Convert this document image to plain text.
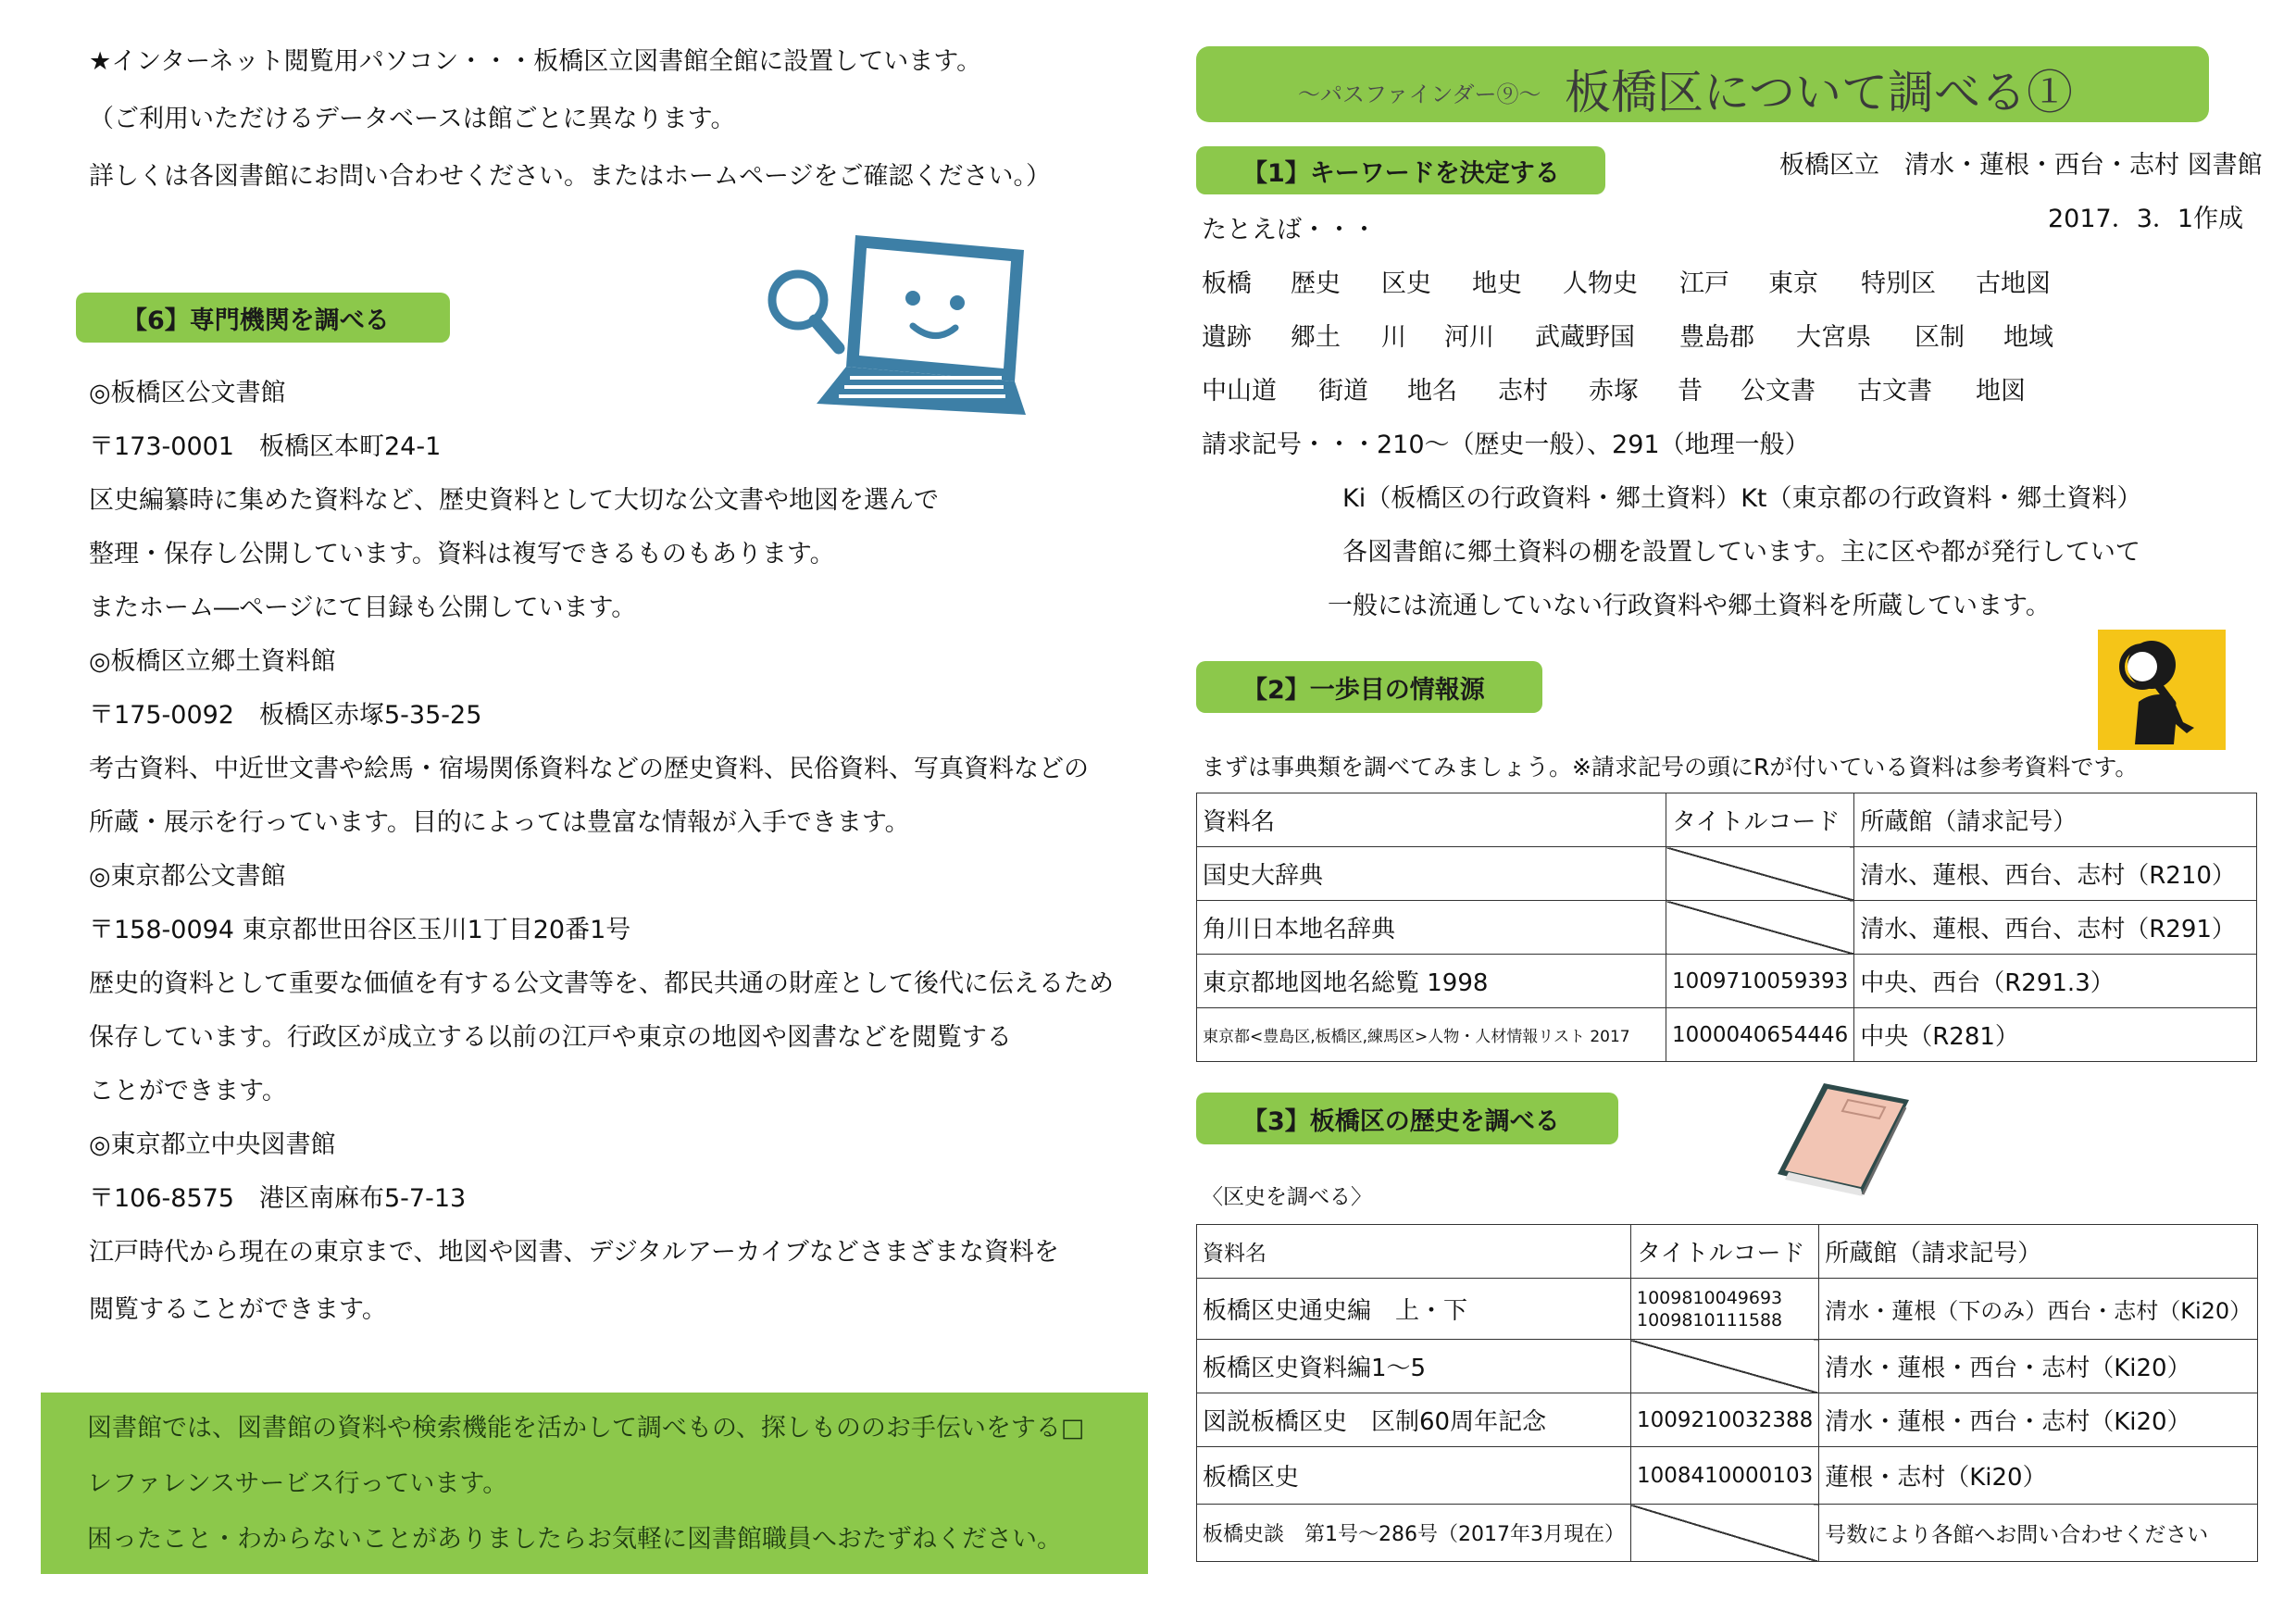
★インターネット閲覧用パソコン・・・板橋区立図書館全館に設置しています。
（ご利用いただけるデータベースは館ごとに異なります。
詳しくは各図書館にお問い合わせください。またはホームページをご確認ください。）
【6】専門機関を調べる
◎板橋区公文書館
〒173-0001　板橋区本町24-1
区史編纂時に集めた資料など、歴史資料として大切な公文書や地図を選んで
整理・保存し公開しています。資料は複写できるものもあります。
またホーム―ページにて目録も公開しています。
◎板橋区立郷土資料館
〒175-0092　板橋区赤塚5-35-25
考古資料、中近世文書や絵馬・宿場関係資料などの歴史資料、民俗資料、写真資料などの
所蔵・展示を行っています。目的によっては豊富な情報が入手できます。
◎東京都公文書館
〒158-0094 東京都世田谷区玉川1丁目20番1号
歴史的資料として重要な価値を有する公文書等を、都民共通の財産として後代に伝えるため
保存しています。行政区が成立する以前の江戸や東京の地図や図書などを閲覧する
ことができます。
◎東京都立中央図書館
〒106-8575　港区南麻布5-7-13
江戸時代から現在の東京まで、地図や図書、デジタルアーカイブなどさまざまな資料を
閲覧することができます。
図書館では、図書館の資料や検索機能を活かして調べもの、探しもののお手伝いをする□
レファレンスサービス行っています。
困ったこと・わからないことがありましたらお気軽に図書館職員へおたずねください。
～パスファインダー⑨～ 板橋区について調べる①
【1】キーワードを決定する	板橋区立　清水・蓮根・西台・志村 図書館
2017．3．1作成
たとえば・・・
板橋 歴史 区史 地史 人物史 江戸 東京 特別区 古地図
遺跡 郷土 川 河川 武蔵野国 豊島郡 大宮県 区制 地域
中山道 街道 地名 志村 赤塚 昔 公文書 古文書 地図
請求記号・・・210～（歴史一般）、291（地理一般）
Ki（板橋区の行政資料・郷土資料）Kt（東京都の行政資料・郷土資料）
各図書館に郷土資料の棚を設置しています。主に区や都が発行していて
一般には流通していない行政資料や郷土資料を所蔵しています。
【2】一歩目の情報源
まずは事典類を調べてみましょう。※請求記号の頭にRが付いている資料は参考資料です。
資料名	タイトルコード	所蔵館（請求記号）
国史大辞典		清水、蓮根、西台、志村（R210）
角川日本地名辞典		清水、蓮根、西台、志村（R291）
東京都地図地名総覧 1998	1009710059393	中央、西台（R291.3）
東京都<豊島区,板橋区,練馬区>人物・人材情報リスト 2017	1000040654446	中央（R281）
【3】板橋区の歴史を調べる
〈区史を調べる〉
資料名	タイトルコード	所蔵館（請求記号）
板橋区史通史編　上・下	1009810049693
1009810111588	清水・蓮根（下のみ）西台・志村（Ki20）
板橋区史資料編1～5		清水・蓮根・西台・志村（Ki20）
図説板橋区史　区制60周年記念	1009210032388	清水・蓮根・西台・志村（Ki20）
板橋区史	1008410000103	蓮根・志村（Ki20）
板橋史談　第1号～286号（2017年3月現在）		号数により各館へお問い合わせください
